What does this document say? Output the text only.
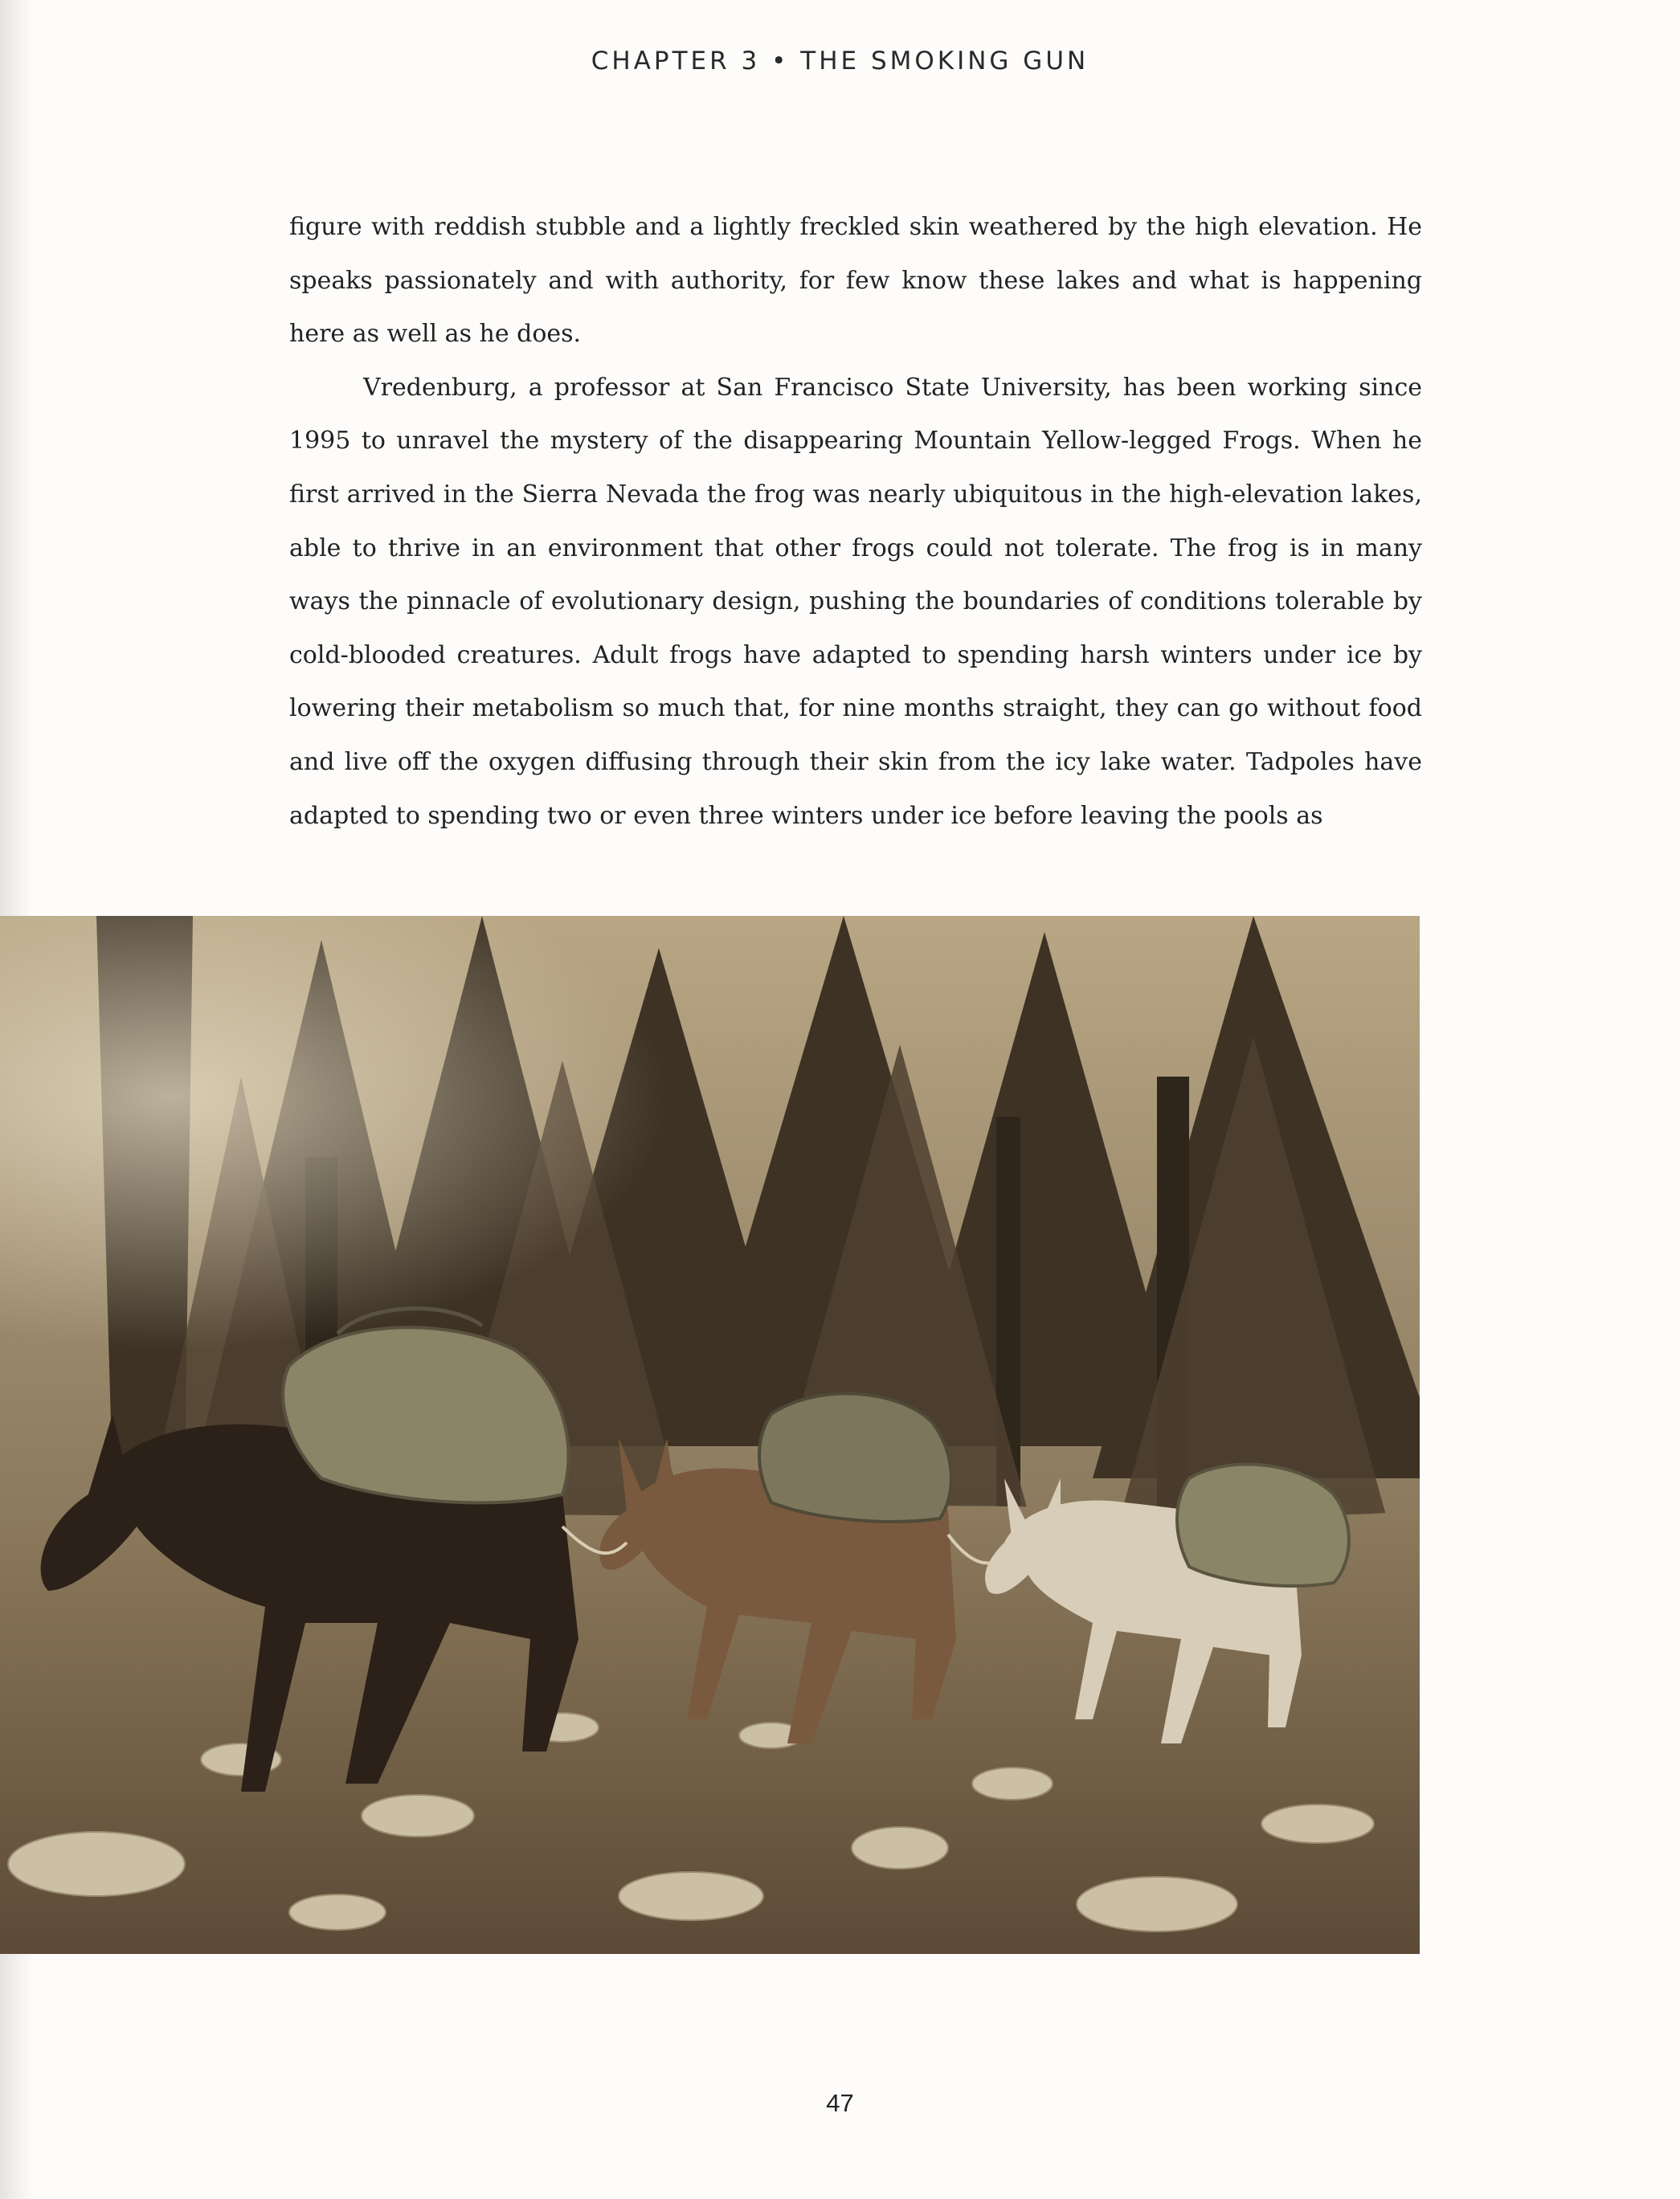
CHAPTER 3 • THE SMOKING GUN

figure with reddish stubble and a lightly freckled skin weathered by the high elevation. He speaks passionately and with authority, for few know these lakes and what is happening here as well as he does.

Vredenburg, a professor at San Francisco State University, has been working since 1995 to unravel the mystery of the disappearing Mountain Yellow-legged Frogs. When he first arrived in the Sierra Nevada the frog was nearly ubiquitous in the high-elevation lakes, able to thrive in an environment that other frogs could not tolerate. The frog is in many ways the pinnacle of evolutionary design, pushing the boundaries of conditions tolerable by cold-blooded creatures. Adult frogs have adapted to spending harsh winters under ice by lowering their metabolism so much that, for nine months straight, they can go without food and live off the oxygen diffusing through their skin from the icy lake water. Tadpoles have adapted to spending two or even three winters under ice before leaving the pools as

47
